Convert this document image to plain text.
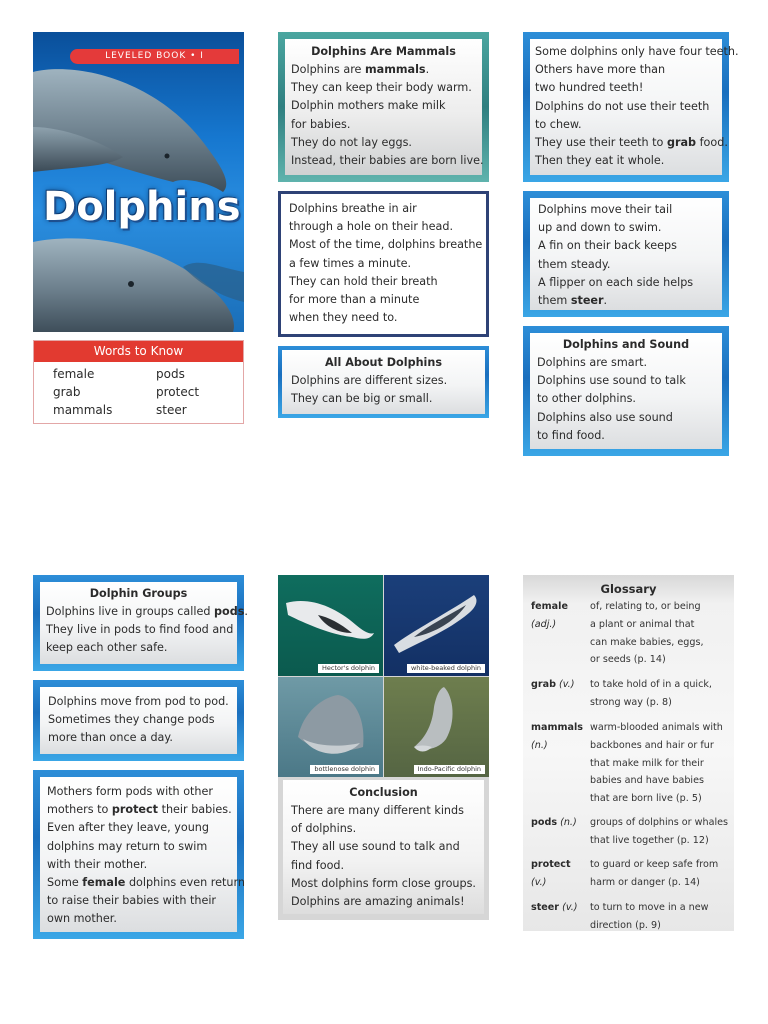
LEVELED BOOK • I
Dolphins
Words to Know
female
grab
mammals
pods
protect
steer
Dolphins Are Mammals
Dolphins are mammals.
They can keep their body warm.
Dolphin mothers make milk
for babies.
They do not lay eggs.
Instead, their babies are born live.
Dolphins breathe in air
through a hole on their head.
Most of the time, dolphins breathe
a few times a minute.
They can hold their breath
for more than a minute
when they need to.
All About Dolphins
Dolphins are different sizes.
They can be big or small.
Some dolphins only have four teeth.
Others have more than
two hundred teeth!
Dolphins do not use their teeth
to chew.
They use their teeth to grab food.
Then they eat it whole.
Dolphins move their tail
up and down to swim.
A fin on their back keeps
them steady.
A flipper on each side helps
them steer.
Dolphins and Sound
Dolphins are smart.
Dolphins use sound to talk
to other dolphins.
Dolphins also use sound
to find food.
Dolphin Groups
Dolphins live in groups called pods.
They live in pods to find food and
keep each other safe.
Dolphins move from pod to pod.
Sometimes they change pods
more than once a day.
Mothers form pods with other
mothers to protect their babies.
Even after they leave, young
dolphins may return to swim
with their mother.
Some female dolphins even return
to raise their babies with their
own mother.
Hector's dolphin	white-beaked dolphin
bottlenose dolphin	Indo-Pacific dolphin
Conclusion
There are many different kinds
of dolphins.
They all use sound to talk and
find food.
Most dolphins form close groups.
Dolphins are amazing animals!
Glossary
female
(adj.)
of, relating to, or being
a plant or animal that
can make babies, eggs,
or seeds (p. 14)
grab (v.) to take hold of in a quick,
strong way (p. 8)
mammals
(n.)
warm-blooded animals with
backbones and hair or fur
that make milk for their
babies and have babies
that are born live (p. 5)
pods (n.) groups of dolphins or whales
that live together (p. 12)
protect
(v.)
to guard or keep safe from
harm or danger (p. 14)
steer (v.) to turn to move in a new
direction (p. 9)
